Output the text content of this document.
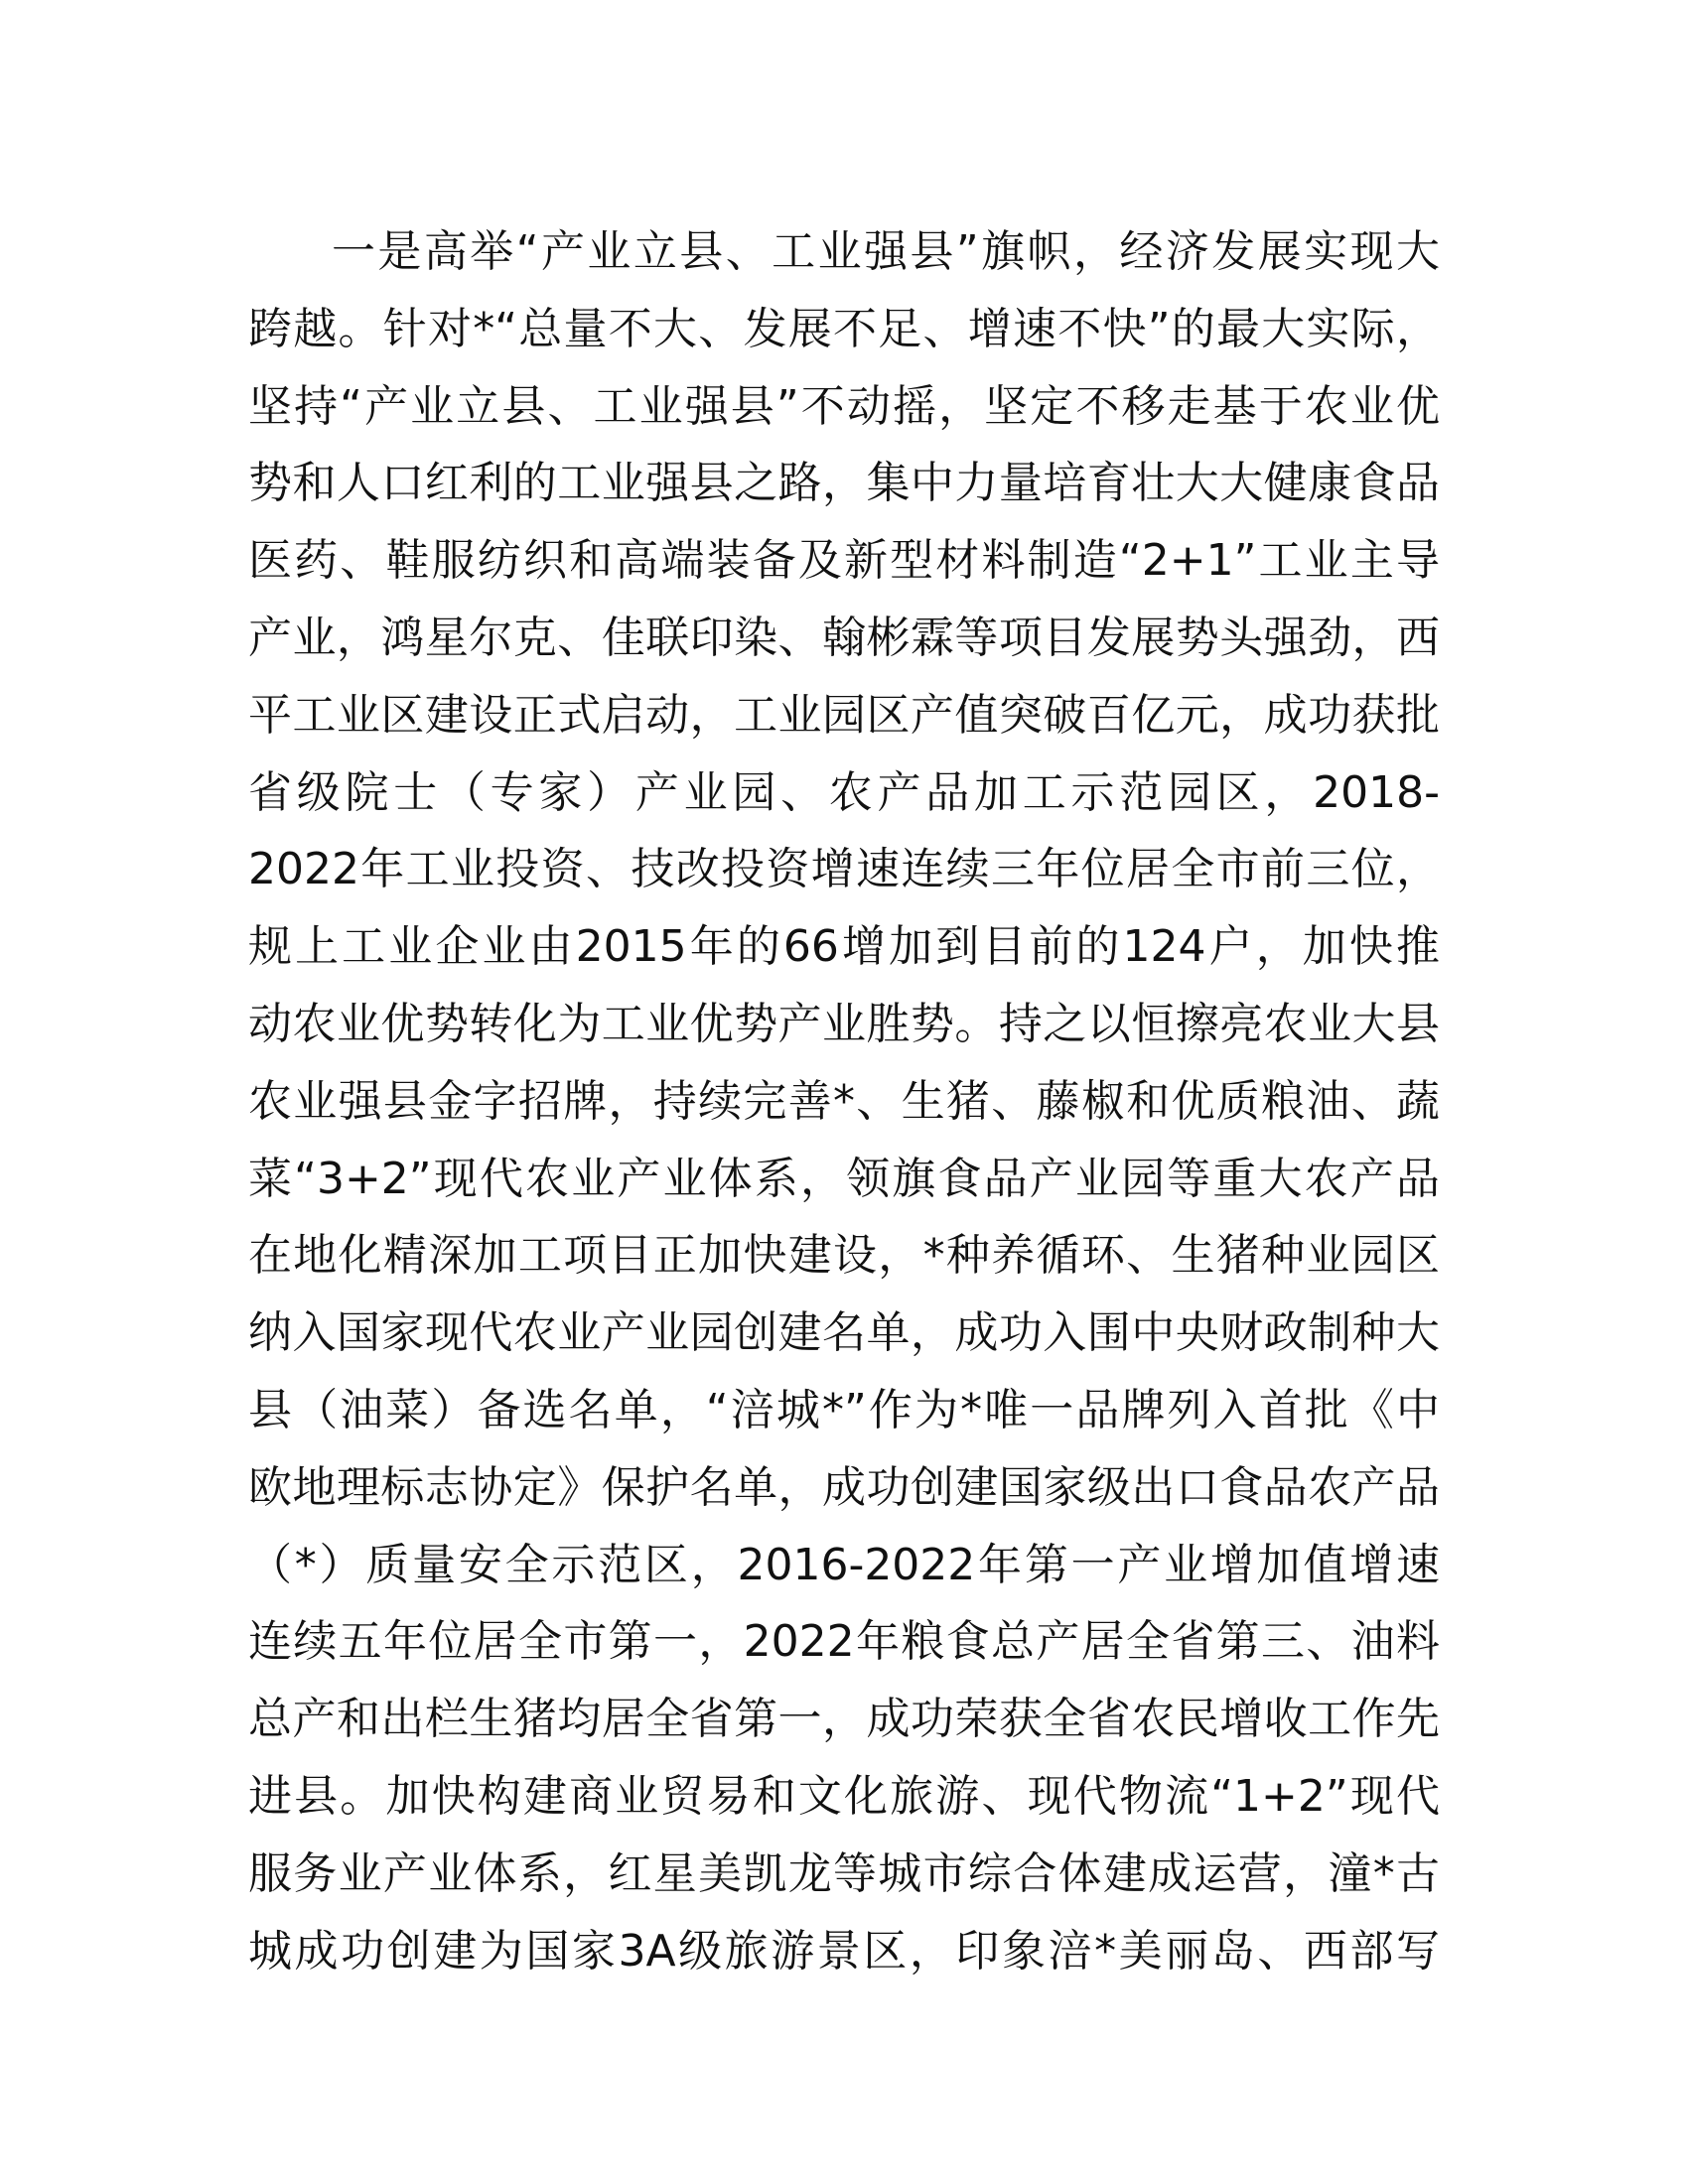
一是高举“产业立县、工业强县”旗帜，经济发展实现大
跨越。针对*“总量不大、发展不足、增速不快”的最大实际，
坚持“产业立县、工业强县”不动摇，坚定不移走基于农业优
势和人口红利的工业强县之路，集中力量培育壮大大健康食品
医药、鞋服纺织和高端装备及新型材料制造“2+1”工业主导
产业，鸿星尔克、佳联印染、翰彬霖等项目发展势头强劲，西
平工业区建设正式启动，工业园区产值突破百亿元，成功获批
省级院士（专家）产业园、农产品加工示范园区，2018-
2022年工业投资、技改投资增速连续三年位居全市前三位，
规上工业企业由2015年的66增加到目前的124户，加快推
动农业优势转化为工业优势产业胜势。持之以恒擦亮农业大县
农业强县金字招牌，持续完善*、生猪、藤椒和优质粮油、蔬
菜“3+2”现代农业产业体系，领旗食品产业园等重大农产品
在地化精深加工项目正加快建设，*种养循环、生猪种业园区
纳入国家现代农业产业园创建名单，成功入围中央财政制种大
县（油菜）备选名单，“涪城*”作为*唯一品牌列入首批《中
欧地理标志协定》保护名单，成功创建国家级出口食品农产品
（*）质量安全示范区，2016-2022年第一产业增加值增速
连续五年位居全市第一，2022年粮食总产居全省第三、油料
总产和出栏生猪均居全省第一，成功荣获全省农民增收工作先
进县。加快构建商业贸易和文化旅游、现代物流“1+2”现代
服务业产业体系，红星美凯龙等城市综合体建成运营，潼*古
城成功创建为国家3A级旅游景区，印象涪*美丽岛、西部写
